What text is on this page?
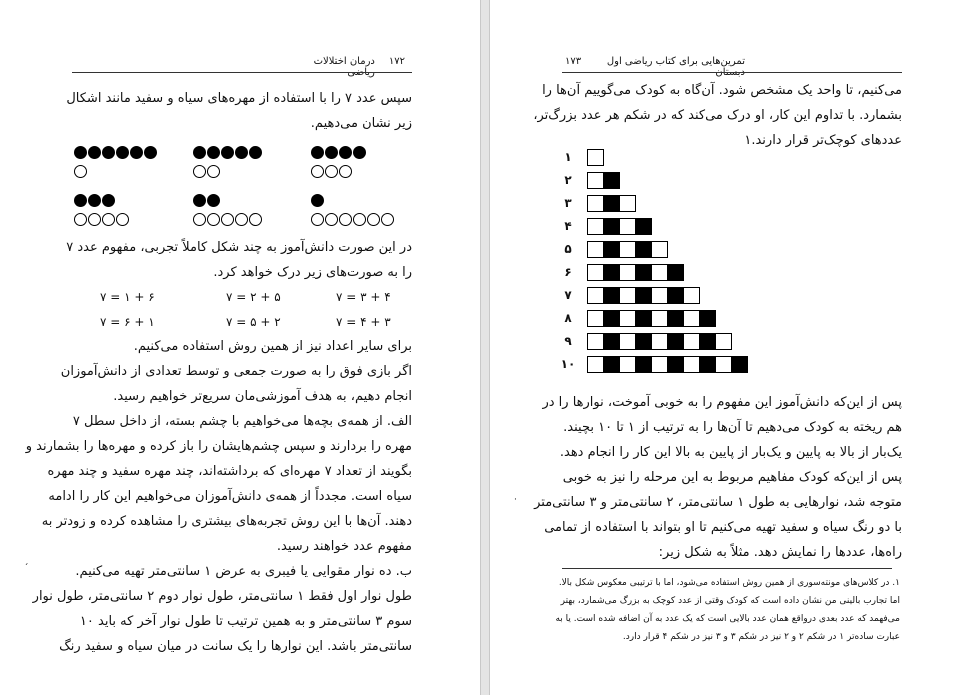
۱۷۲
درمان اختلالات
سپس عدد ۷ را با استفاده از مهره‌های سیاه و سفید مانند اشکال
زیر نشان می‌دهیم.
در این صورت دانش‌آموز به چند شکل کاملاً تجربی، مفهوم عدد ۷
را به صورت‌های زیر درک خواهد کرد.
۴ + ۳ = ۷
۵ + ۲ = ۷
۶ + ۱ = ۷
۳ + ۴ = ۷
۲ + ۵ = ۷
۱ + ۶ = ۷
برای سایر اعداد نیز از همین روش استفاده می‌کنیم.
اگر بازی فوق را به صورت جمعی و توسط تعدادی از دانش‌آموزان
انجام دهیم، به هدف آموزشی‌مان سریع‌تر خواهیم رسید.
الف. از همه‌ی بچه‌ها می‌خواهیم با چشم بسته، از داخل سطل ۷
مهره را بردارند و سپس چشم‌هایشان را باز کرده و مهره‌ها را بشمارند و
بگویند از تعداد ۷ مهره‌ای که برداشته‌اند، چند مهره سفید و چند مهره
سیاه است. مجدداً از همه‌ی دانش‌آموزان می‌خواهیم این کار را ادامه
دهند. آن‌ها با این روش تجربه‌های بیشتری را مشاهده کرده و زودتر به
مفهوم عدد خواهند رسید.
ب. ده نوار مقوایی یا فیبری به عرض ۱ سانتی‌متر تهیه می‌کنیم.
طول نوار اول فقط ۱ سانتی‌متر، طول نوار دوم ۲ سانتی‌متر، طول نوار
سوم ۳ سانتی‌متر و به همین ترتیب تا طول نوار آخر که باید ۱۰
سانتی‌متر باشد. این نوارها را یک سانت در میان سیاه و سفید رنگ
تمرین‌هایی برای کتاب ریاضی اول
۱۷۳
می‌کنیم، تا واحد یک مشخص شود. آن‌گاه به کودک می‌گوییم آن‌ها را
بشمارد. با تداوم این کار، او درک می‌کند که در شکم هر عدد بزرگ‌تر،
عددهای کوچک‌تر قرار دارند.۱
۱
۲
۳
۴
۵
۶
۷
۸
۹
۱۰
پس از این‌که دانش‌آموز این مفهوم را به خوبی آموخت، نوارها را در
هم ریخته به کودک می‌دهیم تا آن‌ها را به ترتیب از ۱ تا ۱۰ بچیند.
یک‌بار از بالا به پایین و یک‌بار از پایین به بالا این کار را انجام دهد.
پس از این‌که کودک مفاهیم مربوط به این مرحله را نیز به خوبی
متوجه شد، نوارهایی به طول ۱ سانتی‌متر، ۲ سانتی‌متر و ۳ سانتی‌متر
با دو رنگ سیاه و سفید تهیه می‌کنیم تا او بتواند با استفاده از تمامی
راه‌ها، عددها را نمایش دهد. مثلاً به شکل زیر:
۱. در کلاس‌های مونته‌سوری از همین روش استفاده می‌شود، اما با ترتیبی معکوس شکل بالا.
اما تجارب بالینی من نشان داده است که کودک وقتی از عدد کوچک به بزرگ می‌شمارد، بهتر
می‌فهمد که عدد بعدی درواقع همان عدد بالایی است که یک عدد به آن اضافه شده است. یا به
عبارت ساده‌تر ۱ در شکم ۲ و ۲ نیز در شکم ۳ و ۳ نیز در شکم ۴ قرار دارد.
·
ˏ
